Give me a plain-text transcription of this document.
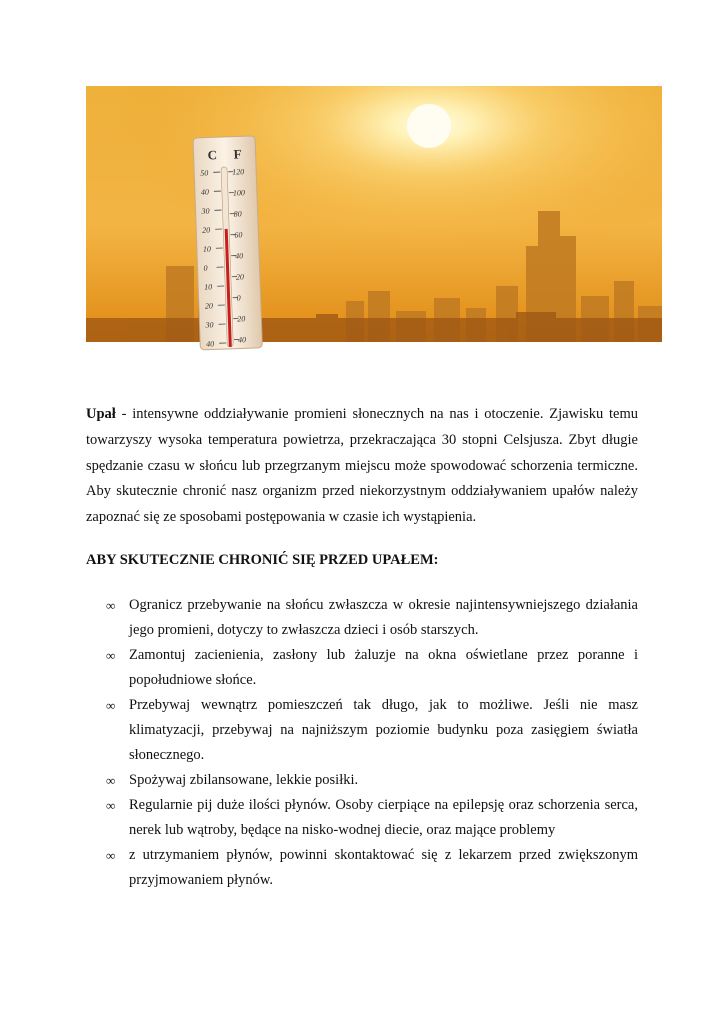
C F
50
40
30
20
10
0
10
20
30
40
120
100
80
60
40
20
0
20
40

Upał - intensywne oddziaływanie promieni słonecznych na nas i otoczenie. Zjawisku temu towarzyszy wysoka temperatura powietrza, przekraczająca 30 stopni Celsjusza. Zbyt długie spędzanie czasu w słońcu lub przegrzanym miejscu może spowodować schorzenia termiczne. Aby skutecznie chronić nasz organizm przed niekorzystnym oddziaływaniem upałów należy zapoznać się ze sposobami postępowania w czasie ich wystąpienia.

ABY SKUTECZNIE CHRONIĆ SIĘ PRZED UPAŁEM:

∞ Ogranicz przebywanie na słońcu zwłaszcza w okresie najintensywniejszego działania jego promieni, dotyczy to zwłaszcza dzieci i osób starszych.
∞ Zamontuj zacienienia, zasłony lub żaluzje na okna oświetlane przez poranne i popołudniowe słońce.
∞ Przebywaj wewnątrz pomieszczeń tak długo, jak to możliwe. Jeśli nie masz klimatyzacji, przebywaj na najniższym poziomie budynku poza zasięgiem światła słonecznego.
∞ Spożywaj zbilansowane, lekkie posiłki.
∞ Regularnie pij duże ilości płynów. Osoby cierpiące na epilepsję oraz schorzenia serca, nerek lub wątroby, będące na nisko-wodnej diecie, oraz mające problemy
∞ z utrzymaniem płynów, powinni skontaktować się z lekarzem przed zwiększonym przyjmowaniem płynów.
